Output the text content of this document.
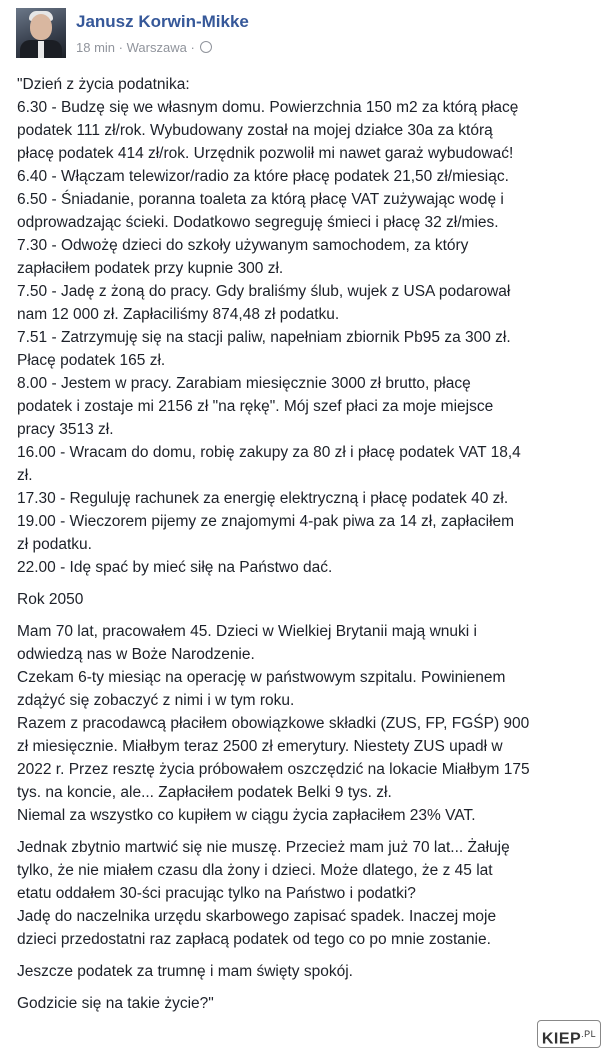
Janusz Korwin-Mikke
18 min · Warszawa ·
"Dzień z życia podatnika:
6.30 - Budzę się we własnym domu. Powierzchnia 150 m2 za którą płacę
podatek 111 zł/rok. Wybudowany został na mojej działce 30a za którą
płacę podatek 414 zł/rok. Urzędnik pozwolił mi nawet garaż wybudować!
6.40 - Włączam telewizor/radio za które płacę podatek 21,50 zł/miesiąc.
6.50 - Śniadanie, poranna toaleta za którą płacę VAT zużywając wodę i
odprowadzając ścieki. Dodatkowo segreguję śmieci i płacę 32 zł/mies.
7.30 - Odwożę dzieci do szkoły używanym samochodem, za który
zapłaciłem podatek przy kupnie 300 zł.
7.50 - Jadę z żoną do pracy. Gdy braliśmy ślub, wujek z USA podarował
nam 12 000 zł. Zapłaciliśmy 874,48 zł podatku.
7.51 - Zatrzymuję się na stacji paliw, napełniam zbiornik Pb95 za 300 zł.
Płacę podatek 165 zł.
8.00 - Jestem w pracy. Zarabiam miesięcznie 3000 zł brutto, płacę
podatek i zostaje mi 2156 zł "na rękę". Mój szef płaci za moje miejsce
pracy 3513 zł.
16.00 - Wracam do domu, robię zakupy za 80 zł i płacę podatek VAT 18,4
zł.
17.30 - Reguluję rachunek za energię elektryczną i płacę podatek 40 zł.
19.00 - Wieczorem pijemy ze znajomymi 4-pak piwa za 14 zł, zapłaciłem
zł podatku.
22.00 - Idę spać by mieć siłę na Państwo dać.
Rok 2050
Mam 70 lat, pracowałem 45. Dzieci w Wielkiej Brytanii mają wnuki i
odwiedzą nas w Boże Narodzenie.
Czekam 6-ty miesiąc na operację w państwowym szpitalu. Powinienem
zdążyć się zobaczyć z nimi i w tym roku.
Razem z pracodawcą płaciłem obowiązkowe składki (ZUS, FP, FGŚP) 900
zł miesięcznie. Miałbym teraz 2500 zł emerytury. Niestety ZUS upadł w
2022 r. Przez resztę życia próbowałem oszczędzić na lokacie Miałbym 175
tys. na koncie, ale... Zapłaciłem podatek Belki 9 tys. zł.
Niemal za wszystko co kupiłem w ciągu życia zapłaciłem 23% VAT.
Jednak zbytnio martwić się nie muszę. Przecież mam już 70 lat... Żałuję
tylko, że nie miałem czasu dla żony i dzieci. Może dlatego, że z 45 lat
etatu oddałem 30-ści pracując tylko na Państwo i podatki?
Jadę do naczelnika urzędu skarbowego zapisać spadek. Inaczej moje
dzieci przedostatni raz zapłacą podatek od tego co po mnie zostanie.
Jeszcze podatek za trumnę i mam święty spokój.
Godzicie się na takie życie?"
$KIEP^{.PL}$
